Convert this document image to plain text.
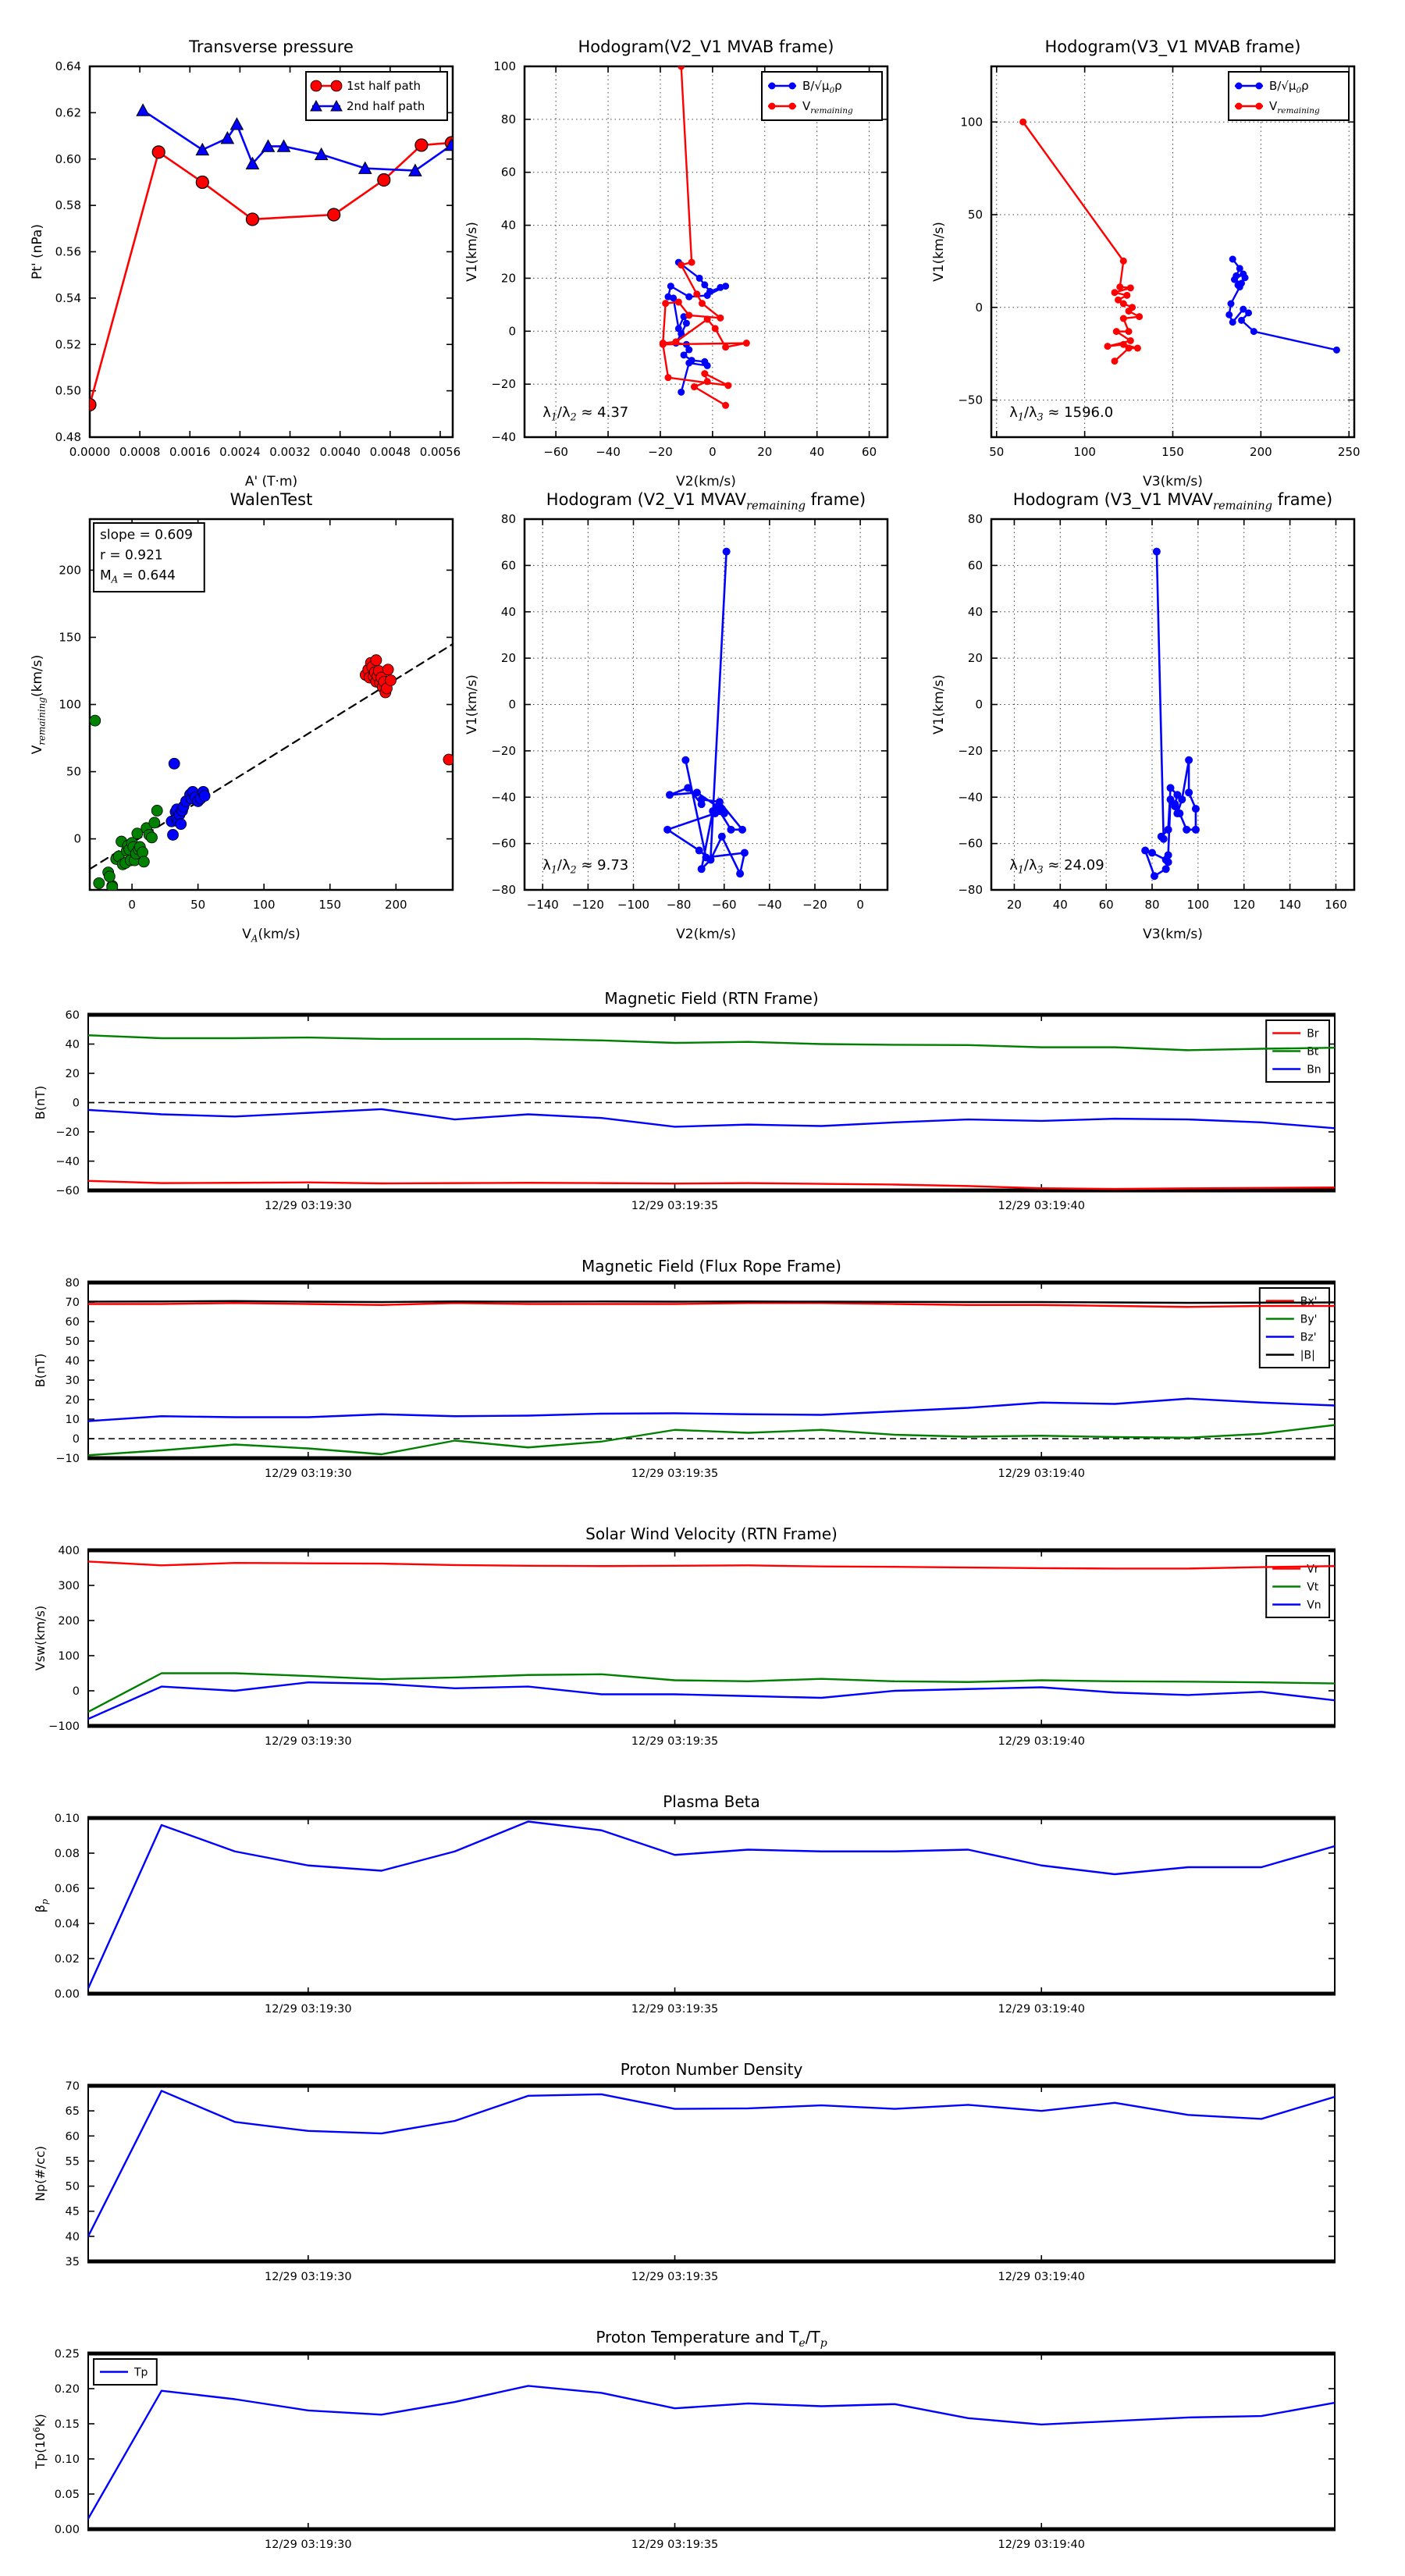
0.0000 0.0008 0.0016 0.0024 0.0032 0.0040 0.0048 0.0056
0.48
0.50
0.52
0.54
0.56
0.58
0.60
0.62
0.64
Transverse pressure
A' (T·m)
Pt' (nPa)
1st half path
2nd half path
−60 −40 −20	0	20	40	60
−40
−20
0
20
40
60
80
100
Hodogram(V2_V1 MVAB frame)
V2(km/s)
V1(km/s)
$\lambda_1/\lambda_2 \approx 4.37$
$B/√\mu_0\rho$
$V_{remaining}$
50	100	150	200	250
−50
0
50
100
Hodogram(V3_V1 MVAB frame)
V3(km/s)
V1(km/s)
$\lambda_1/\lambda_3 \approx 1596.0$
$B/√\mu_0\rho$
$V_{remaining}$
0	50	100	150	200
0
50
100
150
200
WalenTest
$V_A(km/s)$
$V_{remaining}(km/s)$
slope = 0.609
r = 0.921
$M_A = 0.644$
−140 −120 −100 −80 −60 −40 −20	0
−80
−60
−40
−20
0
20
40
60
80
Hodogram (V2_V1 $MVAV_{remaining}$ frame)
V2(km/s)
V1(km/s)
$\lambda_1/\lambda_2 \approx 9.73$
20	40	60	80 100 120 140 160
−80
−60
−40
−20
0
20
40
60
80
Hodogram (V3_V1 $MVAV_{remaining}$ frame)
V3(km/s)
V1(km/s)
$\lambda_1/\lambda_3 \approx 24.09$
12/29 03:19:30	12/29 03:19:35	12/29 03:19:40
−60
−40
−20
0
20
40
60
Magnetic Field (RTN Frame)
B(nT)
Br
Bt
Bn
12/29 03:19:30	12/29 03:19:35	12/29 03:19:40
−10
0
10
20
30
40
50
60
70
80
Magnetic Field (Flux Rope Frame)
B(nT)
Bx'
By'
Bz'
|B|
12/29 03:19:30	12/29 03:19:35	12/29 03:19:40
−100
0
100
200
300
400
Solar Wind Velocity (RTN Frame)
Vsw(km/s)
Vr
Vt
Vn
12/29 03:19:30	12/29 03:19:35	12/29 03:19:40
0.00
0.02
0.04
0.06
0.08
0.10
Plasma Beta
$\beta_p$
12/29 03:19:30	12/29 03:19:35	12/29 03:19:40
35
40
45
50
55
60
65
70
Proton Number Density
Np(#/cc)
12/29 03:19:30	12/29 03:19:35	12/29 03:19:40
0.00
0.05
0.10
0.15
0.20
0.25
Proton Temperature and $T_e/T_p$
$Tp(10^6K)$
Tp
